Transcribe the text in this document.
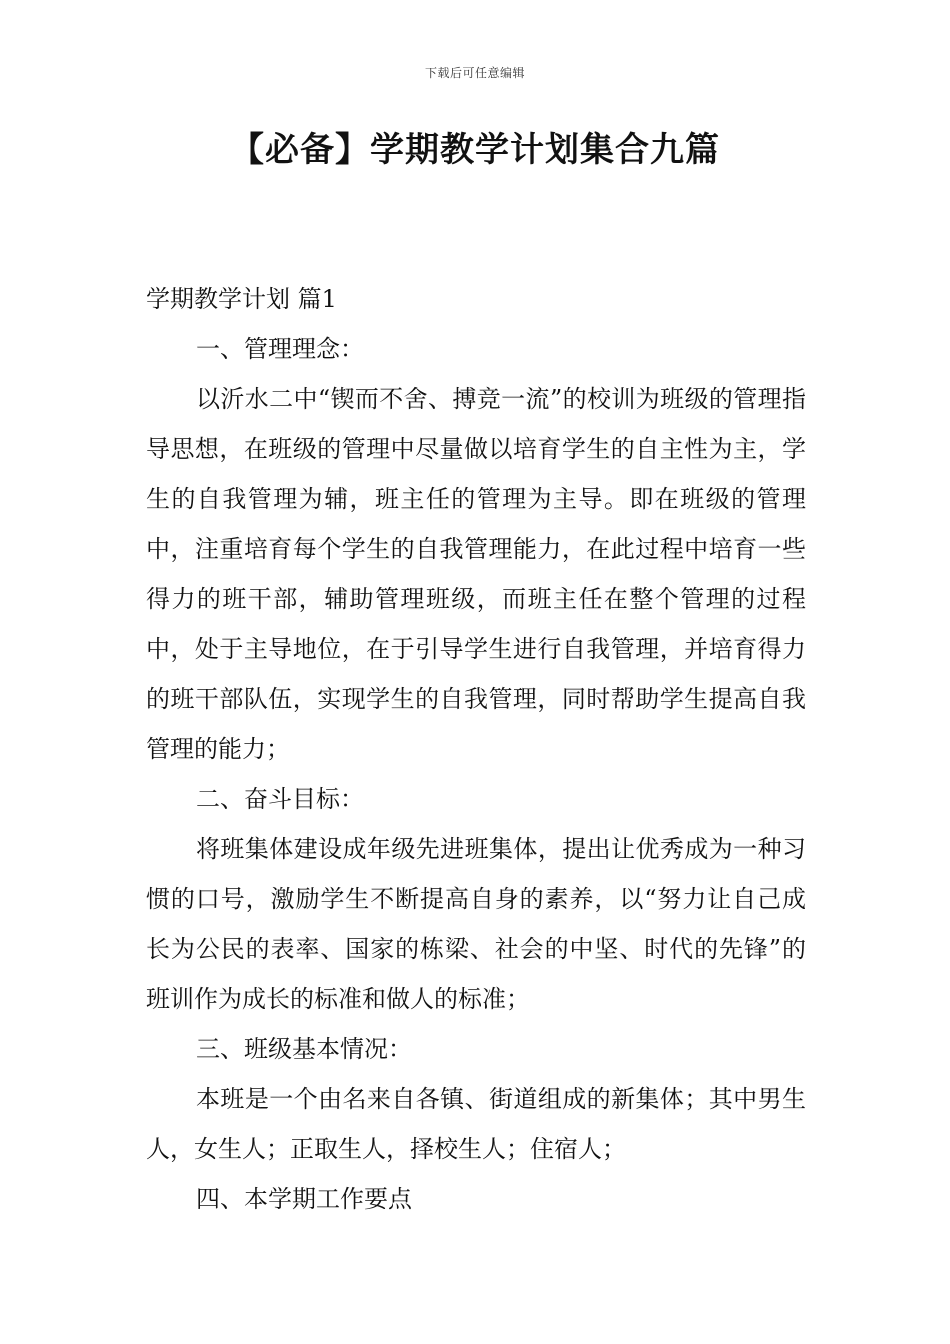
下载后可任意编辑
【必备】学期教学计划集合九篇

学期教学计划 篇1

一、管理理念：

以沂水二中“锲而不舍、搏竞一流”的校训为班级的管理指导思想，在班级的管理中尽量做以培育学生的自主性为主，学生的自我管理为辅，班主任的管理为主导。即在班级的管理中，注重培育每个学生的自我管理能力，在此过程中培育一些得力的班干部，辅助管理班级，而班主任在整个管理的过程中，处于主导地位，在于引导学生进行自我管理，并培育得力的班干部队伍，实现学生的自我管理，同时帮助学生提高自我管理的能力；

二、奋斗目标：

将班集体建设成年级先进班集体，提出让优秀成为一种习惯的口号，激励学生不断提高自身的素养，以“努力让自己成长为公民的表率、国家的栋梁、社会的中坚、时代的先锋”的班训作为成长的标准和做人的标准；

三、班级基本情况：

本班是一个由名来自各镇、街道组成的新集体；其中男生人，女生人；正取生人，择校生人；住宿人；

四、本学期工作要点
